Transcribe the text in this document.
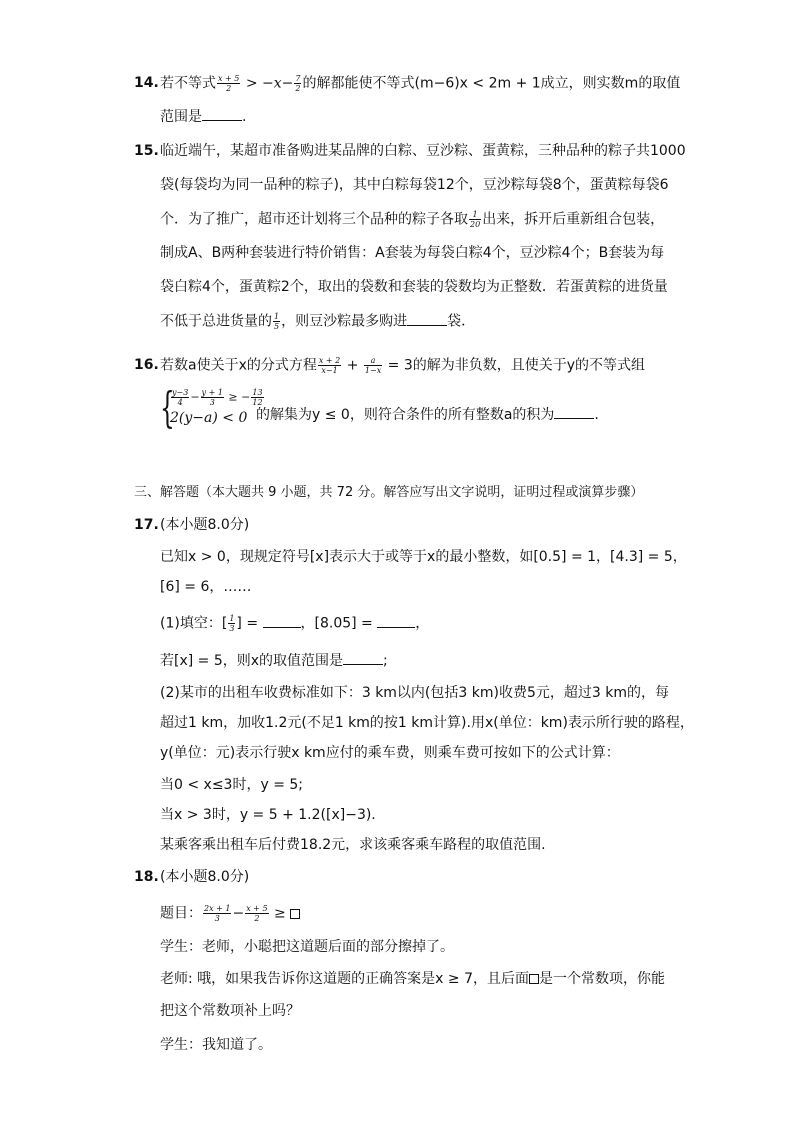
14. 若不等式 $\frac{x + 5}{2} > -x- \frac{7}{2}$ 的解都能使不等式(m−6)x < 2m + 1成立，则实数m的取值
范围是	.
15. 临近端午，某超市准备购进某品牌的白粽、豆沙粽、蛋黄粽，三种品种的粽子共1000
袋(每袋均为同一品种的粽子)，其中白粽每袋12个，豆沙粽每袋8个，蛋黄粽每袋6
个．为了推广，超市还计划将三个品种的粽子各取 $\frac{1}{20}$ 出来，拆开后重新组合包装，
制成A、B两种套装进行特价销售：A套装为每袋白粽4个，豆沙粽4个；B套装为每
袋白粽4个，蛋黄粽2个，取出的袋数和套装的袋数均为正整数．若蛋黄粽的进货量
不低于总进货量的 $\frac{1}{5}$ ，则豆沙粽最多购进	袋．
16. 若数a使关于x的分式方程 $\frac{x + 2}{x-1} + \frac{a}{1-x} = 3$的解为非负数，且使关于y的不等式组
{
$\frac{y-3}{4} - \frac{y + 1}{3}$ ≥ − $\frac{13}{12}$
2(y−a) < 0 的解集为y ≤ 0，则符合条件的所有整数a的积为	.
三、解答题（本大题共 9 小题，共 72 分。解答应写出文字说明，证明过程或演算步骤）
17. (本小题8.0分)
已知x > 0，现规定符号[x]表示大于或等于x的最小整数，如[0.5] = 1，[4.3] = 5，
[6] = 6，……
(1)填空：[ $\frac{1}{3}$ ] =	，[8.05] =	，
若[x] = 5，则x的取值范围是	;
(2)某市的出租车收费标准如下：3 km以内(包括3 km)收费5元，超过3 km的，每
超过1 km，加收1.2元(不足1 km的按1 km计算).用x(单位：km)表示所行驶的路程，
y(单位：元)表示行驶x km应付的乘车费，则乘车费可按如下的公式计算：
当0 < x≤3时，y = 5;
当x > 3时，y = 5 + 1.2([x]−3).
某乘客乘出租车后付费18.2元，求该乘客乘车路程的取值范围.
18. (本小题8.0分)
题目： $\frac{2x + 1}{3} - \frac{x + 5}{2}$ ≥
学生：老师，小聪把这道题后面的部分擦掉了。
老师: 哦，如果我告诉你这道题的正确答案是x ≥ 7，且后面 是一个常数项，你能
把这个常数项补上吗？
学生：我知道了。
